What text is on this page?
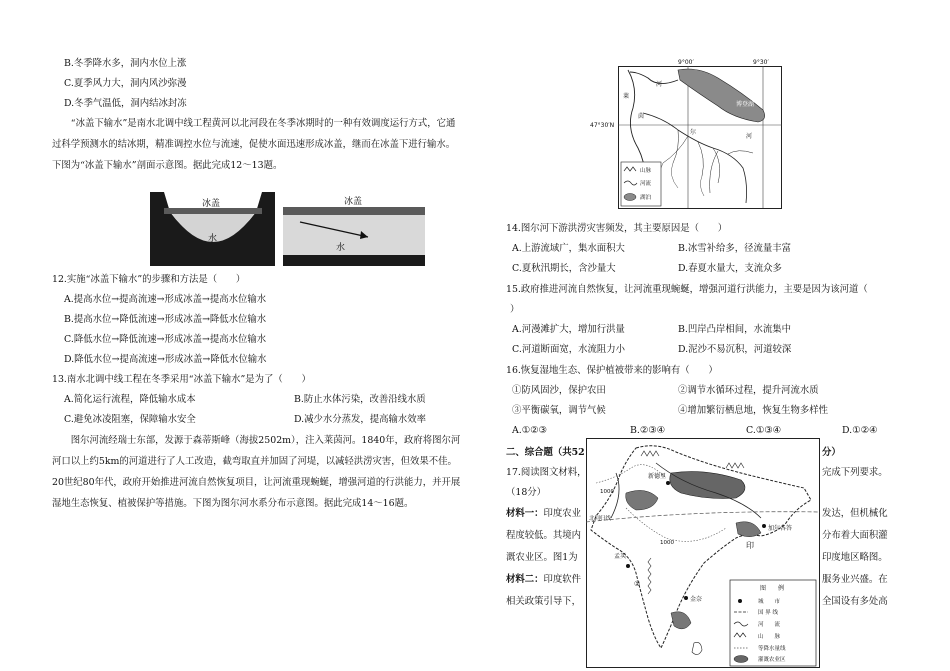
B.冬季降水多，洞内水位上涨
C.夏季风力大，洞内风沙弥漫
D.冬季气温低，洞内结冰封冻
“冰盖下输水”是南水北调中线工程黄河以北河段在冬季冰期时的一种有效调度运行方式，它通过科学预测水的结冰期，精准调控水位与流速，促使水面迅速形成冰盖，继而在冰盖下进行输水。下图为“冰盖下输水”剖面示意图。据此完成12～13题。
冰盖
水
冰盖
水
12.实施“冰盖下输水”的步骤和方法是（　　）
A.提高水位→提高流速→形成冰盖→提高水位输水
B.提高水位→降低流速→形成冰盖→降低水位输水
C.降低水位→降低流速→形成冰盖→提高水位输水
D.降低水位→提高流速→形成冰盖→降低水位输水
13.南水北调中线工程在冬季采用“冰盖下输水”是为了（　　）
A.简化运行流程，降低输水成本	B.防止水体污染，改善沿线水质
C.避免冰凌阻塞，保障输水安全	D.减少水分蒸发，提高输水效率
图尔河流经瑞士东部，发源于森蒂斯峰（海拔2502m），注入莱茵河。1840年，政府将图尔河河口以上约5km的河道进行了人工改造，截弯取直并加固了河堤，以减轻洪涝灾害，但效果不佳。20世纪80年代，政府开始推进河流自然恢复项目，让河流重现蜿蜒，增强河道的行洪能力，并开展湿地生态恢复、植被保护等措施。下图为图尔河水系分布示意图。据此完成14～16题。
9°00′	9°30′
47°30′N
博登湖
莱
河
茵
尔
河
山脉
河流
湖泊
14.图尔河下游洪涝灾害频发，其主要原因是（　　）
A.上游流域广，集水面积大	B.冰雪补给多，径流量丰富
C.夏秋汛期长，含沙量大	D.春夏水量大，支流众多
15.政府推进河流自然恢复，让河流重现蜿蜒，增强河道行洪能力，主要是因为该河道（
）
A.河漫滩扩大，增加行洪量	B.凹岸凸岸相间，水流集中
C.河道断面宽，水流阻力小	D.泥沙不易沉积，河道较深
16.恢复湿地生态、保护植被带来的影响有（　　）
①防风固沙，保护农田	②调节水循环过程，提升河流水质
③平衡碳氧，调节气候	④增加繁衍栖息地，恢复生物多样性
A.①②③	B.②③④	C.①③④	D.①②④
二、综合题（共52	分）
17.阅读图文材料，	完成下列要求。
（18分）
材料一：印度农业	发达，但机械化
程度较低。其境内	分布着大面积灌
溉农业区。图1为	印度地区略图。
材料二：印度软件	服务业兴盛。在
相关政策引导下，	全国设有多处高
北回归线
1000
1000
新德里
加尔各答
孟买
金奈
①
印
图　　例
城　　市
国 界 线
河　　流
山　　脉
等降水量线
灌溉农业区
